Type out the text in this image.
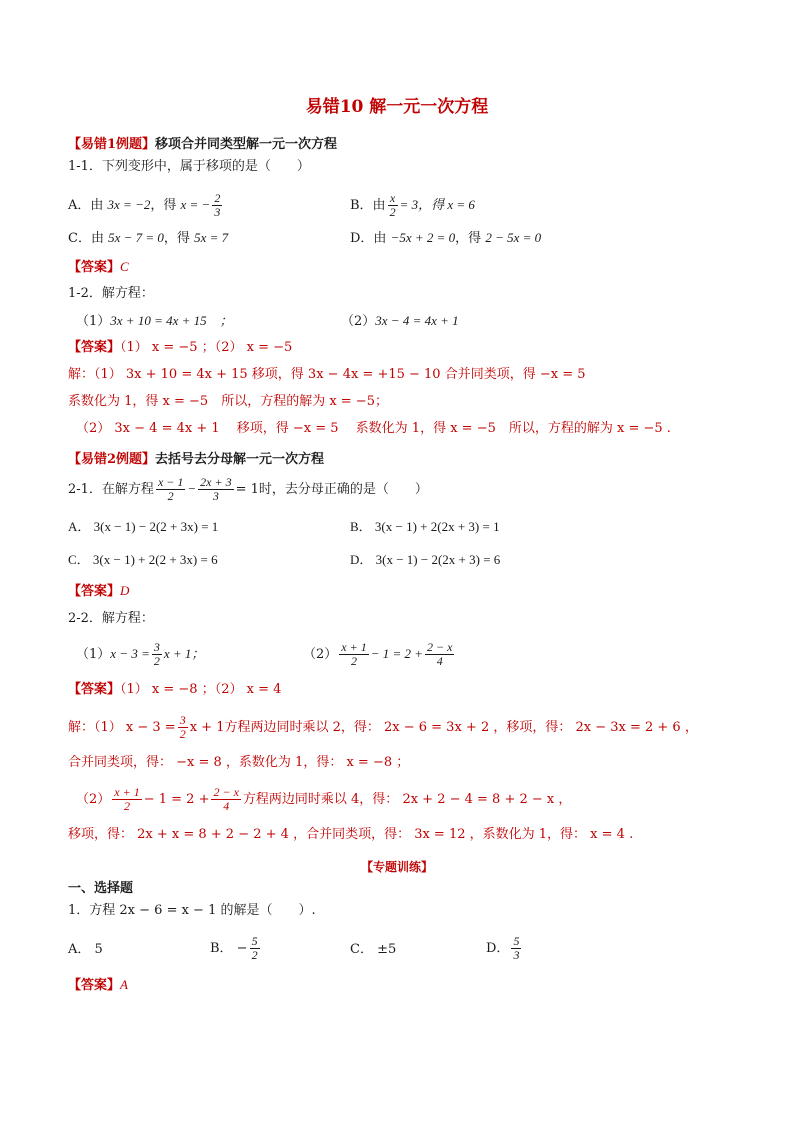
易错10 解一元一次方程
【易错1例题】移项合并同类型解一元一次方程
1-1．下列变形中，属于移项的是（　　）
A．由 3x = −2，得 x = − $\frac{2}{3}$	B．由 $\frac{x}{2} = 3$，得 x = 6
C．由 5x − 7 = 0，得 5x = 7	D．由 −5x + 2 = 0，得 2 − 5x = 0
【答案】C
1-2．解方程：
（1）3x + 10 = 4x + 15　；	（2）3x − 4 = 4x + 1
【答案】（1） x = −5 ；（2） x = −5
解：（1） 3x + 10 = 4x + 15 移项，得 3x − 4x = +15 − 10 合并同类项，得 −x = 5
系数化为 1，得 x = −5　所以，方程的解为 x = −5；
（2） 3x − 4 = 4x + 1　 移项，得 −x = 5　 系数化为 1，得 x = −5　所以，方程的解为 x = −5 .
【易错2例题】去括号去分母解一元一次方程
2-1．在解方程 $\frac{x - 1}{2} - \frac{2x + 3}{3} = 1$时，去分母正确的是（　　）
A． 3(x − 1) − 2(2 + 3x) = 1	B． 3(x − 1) + 2(2x + 3) = 1
C． 3(x − 1) + 2(2 + 3x) = 6	D． 3(x − 1) − 2(2x + 3) = 6
【答案】D
2-2．解方程：
$(1)x - 3 = \frac{3}{2}$ x + 1；	$(2) \frac{x + 1}{2} - 1 = 2 + \frac{2 - x}{4}$
【答案】（1） x = −8 ；（2） x = 4
解：（1） $x - 3 = \frac{3}{2}$ x + 1方程两边同时乘以 2，得： 2x − 6 = 3x + 2 ，移项，得： 2x − 3x = 2 + 6 ，
合并同类项，得： −x = 8 ，系数化为 1，得： x = −8 ；
$(2) \frac{x + 1}{2} - 1 = 2 + \frac{2 - x}{4}$ 方程两边同时乘以 4，得： 2x + 2 − 4 = 8 + 2 − x ，
移项，得： 2x + x = 8 + 2 − 2 + 4 ，合并同类项，得： 3x = 12 ，系数化为 1，得： x = 4 .
【专题训练】
一、选择题
1．方程 2x − 6 = x − 1 的解是（　　）.
A． 5	B． − $\frac{5}{2}$	C． ±5	D． $\frac{5}{3}$
【答案】A
